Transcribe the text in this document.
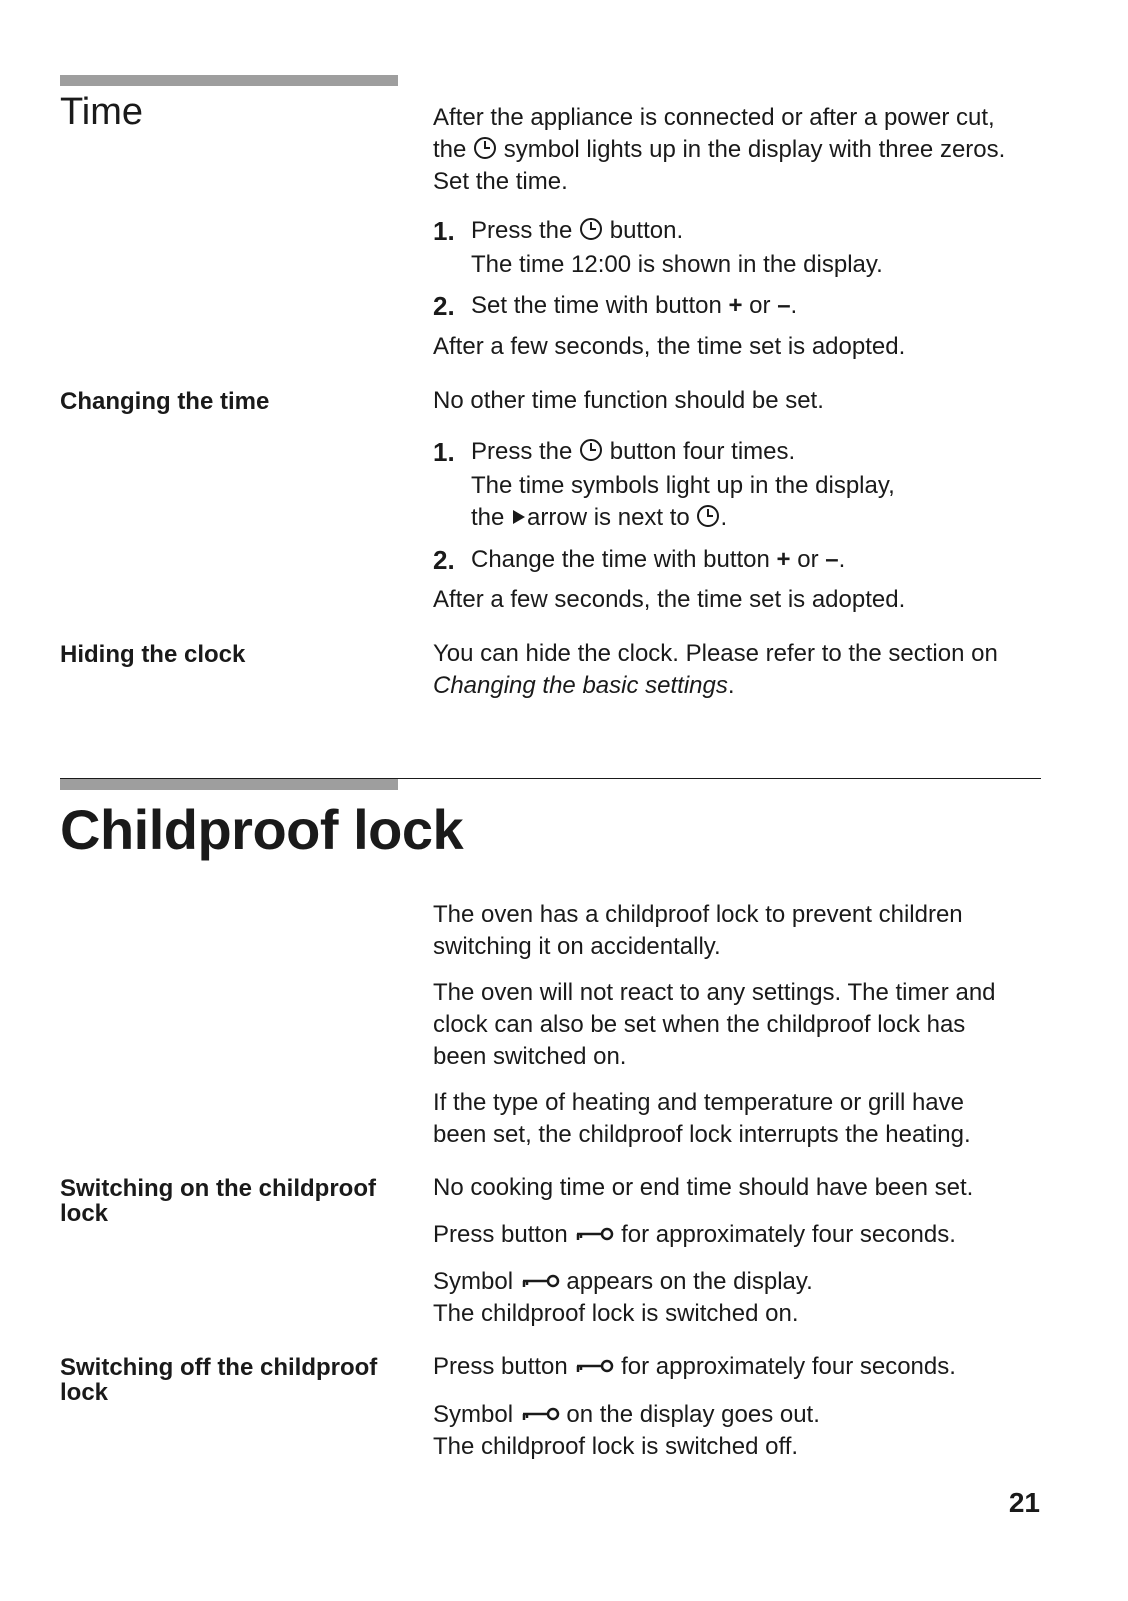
Time	After the appliance is connected or after a power cut,
the symbol lights up in the display with three zeros.
Set the time.
1. Press the button.
The time 12:00 is shown in the display.
2. Set the time with button + or –.
After a few seconds, the time set is adopted.
Changing the time	No other time function should be set.
1. Press the button four times.
The time symbols light up in the display,
the arrow is next to .
2. Change the time with button + or –.
After a few seconds, the time set is adopted.
Hiding the clock	You can hide the clock. Please refer to the section on
Changing the basic settings.
Childproof lock
The oven has a childproof lock to prevent children
switching it on accidentally.
The oven will not react to any settings. The timer and
clock can also be set when the childproof lock has
been switched on.
If the type of heating and temperature or grill have
been set, the childproof lock interrupts the heating.
Switching on the childproof
lock
No cooking time or end time should have been set.
Press button for approximately four seconds.
Symbol appears on the display.
The childproof lock is switched on.
Switching off the childproof
lock
Press button for approximately four seconds.
Symbol on the display goes out.
The childproof lock is switched off.
21
